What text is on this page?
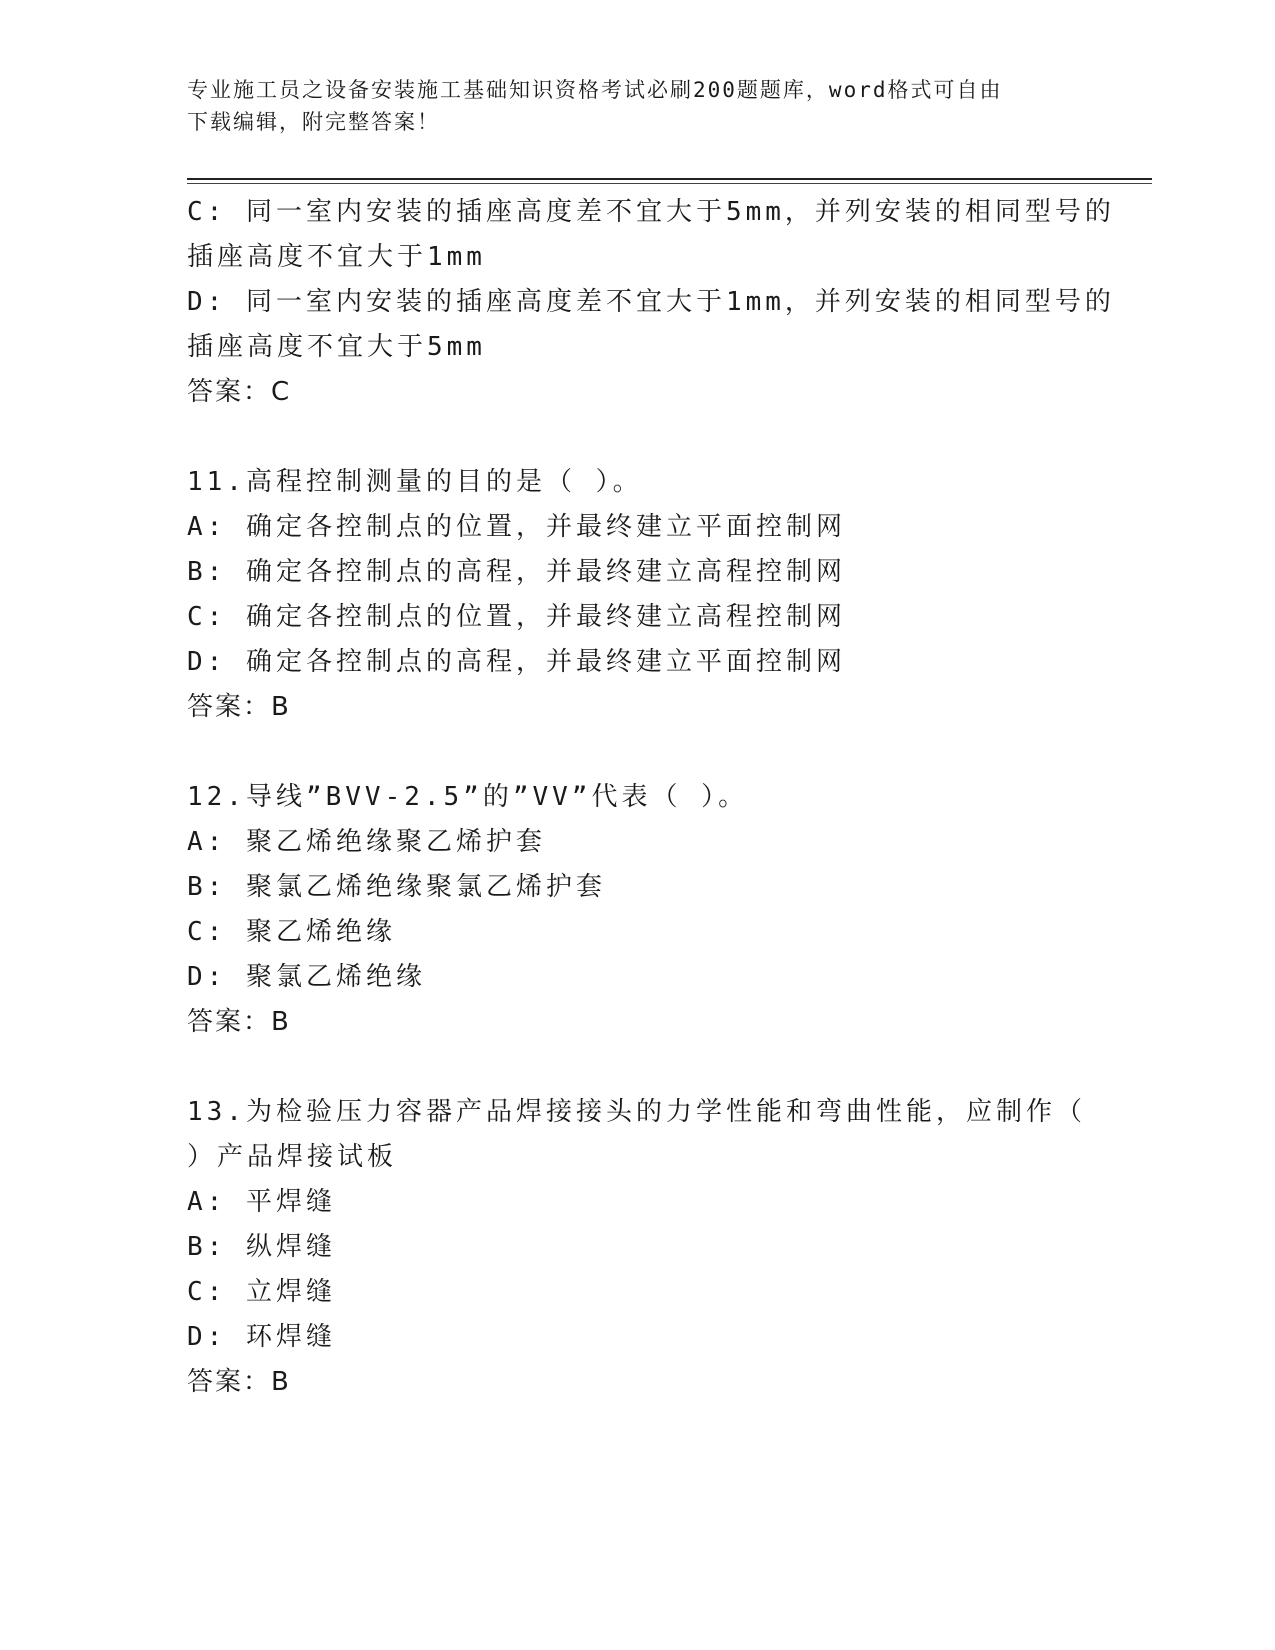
专业施工员之设备安装施工基础知识资格考试必刷200题题库，word格式可自由
下载编辑，附完整答案！
C: 同一室内安装的插座高度差不宜大于5mm，并列安装的相同型号的
插座高度不宜大于1mm
D: 同一室内安装的插座高度差不宜大于1mm，并列安装的相同型号的
插座高度不宜大于5mm
答案：C
11.高程控制测量的目的是（ ）。
A: 确定各控制点的位置，并最终建立平面控制网
B: 确定各控制点的高程，并最终建立高程控制网
C: 确定各控制点的位置，并最终建立高程控制网
D: 确定各控制点的高程，并最终建立平面控制网
答案：B
12.导线”BVV-2.5”的”VV”代表（ ）。
A: 聚乙烯绝缘聚乙烯护套
B: 聚氯乙烯绝缘聚氯乙烯护套
C: 聚乙烯绝缘
D: 聚氯乙烯绝缘
答案：B
13.为检验压力容器产品焊接接头的力学性能和弯曲性能，应制作（
）产品焊接试板
A: 平焊缝
B: 纵焊缝
C: 立焊缝
D: 环焊缝
答案：B
